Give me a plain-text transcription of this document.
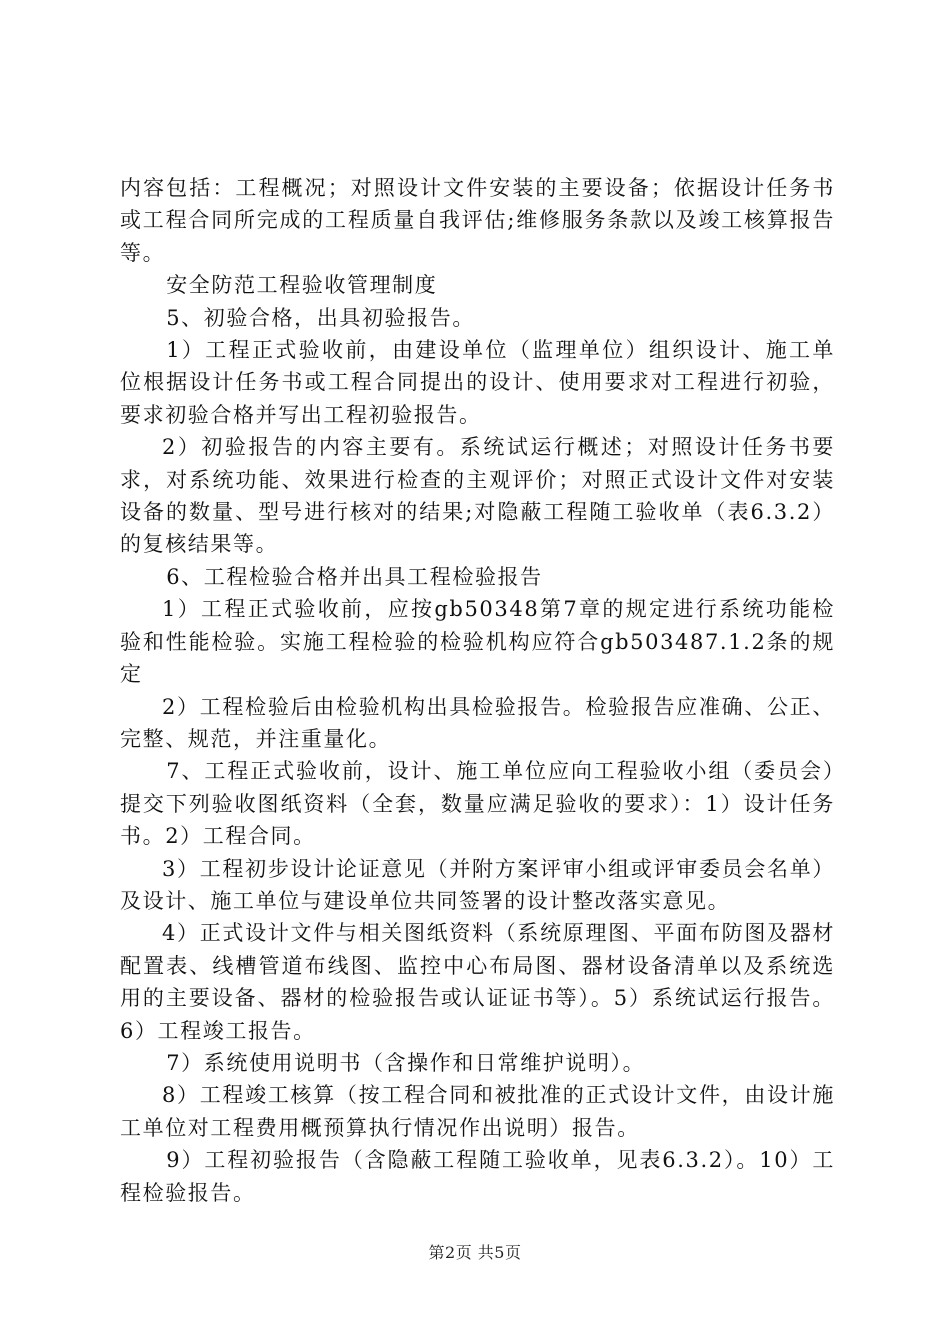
内容包括：工程概况；对照设计文件安装的主要设备；依据设计任务书或工程合同所完成的工程质量自我评估;维修服务条款以及竣工核算报告等。

安全防范工程验收管理制度

5、初验合格，出具初验报告。

1）工程正式验收前，由建设单位（监理单位）组织设计、施工单位根据设计任务书或工程合同提出的设计、使用要求对工程进行初验，要求初验合格并写出工程初验报告。

2）初验报告的内容主要有。系统试运行概述；对照设计任务书要求，对系统功能、效果进行检查的主观评价；对照正式设计文件对安装设备的数量、型号进行核对的结果;对隐蔽工程随工验收单（表6.3.2）的复核结果等。

6、工程检验合格并出具工程检验报告

1）工程正式验收前，应按gb50348第7章的规定进行系统功能检验和性能检验。实施工程检验的检验机构应符合gb503487.1.2条的规定

2）工程检验后由检验机构出具检验报告。检验报告应准确、公正、完整、规范，并注重量化。

7、工程正式验收前，设计、施工单位应向工程验收小组（委员会）提交下列验收图纸资料（全套，数量应满足验收的要求）：1）设计任务书。2）工程合同。

3）工程初步设计论证意见（并附方案评审小组或评审委员会名单）及设计、施工单位与建设单位共同签署的设计整改落实意见。

4）正式设计文件与相关图纸资料（系统原理图、平面布防图及器材配置表、线槽管道布线图、监控中心布局图、器材设备清单以及系统选用的主要设备、器材的检验报告或认证证书等）。5）系统试运行报告。6）工程竣工报告。

7）系统使用说明书（含操作和日常维护说明）。

8）工程竣工核算（按工程合同和被批准的正式设计文件，由设计施工单位对工程费用概预算执行情况作出说明）报告。

9）工程初验报告（含隐蔽工程随工验收单，见表6.3.2）。10）工程检验报告。

第2页 共5页
